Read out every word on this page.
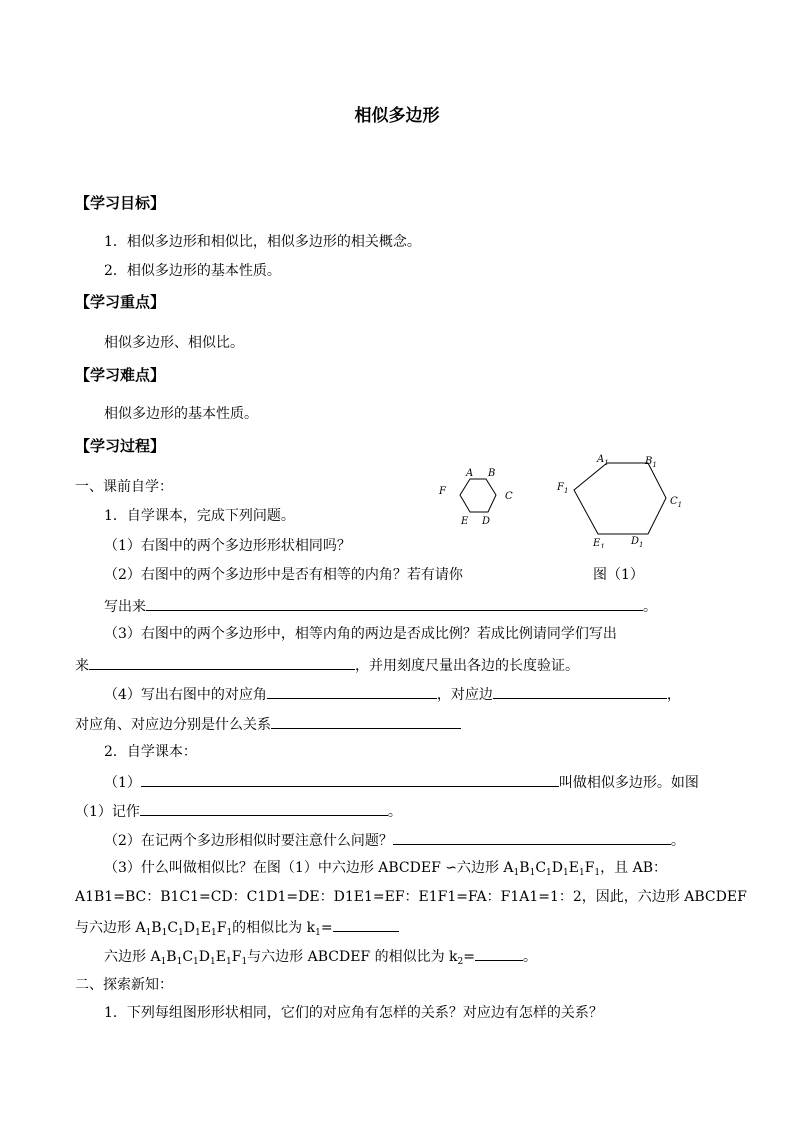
相似多边形
【学习目标】
1．相似多边形和相似比，相似多边形的相关概念。
2．相似多边形的基本性质。
【学习重点】
相似多边形、相似比。
【学习难点】
相似多边形的基本性质。
【学习过程】
一、课前自学：
1．自学课本，完成下列问题。
（1）右图中的两个多边形形状相同吗？
（2）右图中的两个多边形中是否有相等的内角？若有请你
写出来	。
（3）右图中的两个多边形中，相等内角的两边是否成比例？若成比例请同学们写出
来	，并用刻度尺量出各边的长度验证。
（4）写出右图中的对应角	，对应边	，
对应角、对应边分别是什么关系
2．自学课本：
（1）	叫做相似多边形。如图
（1）记作	。
（2）在记两个多边形相似时要注意什么问题？	。
（3）什么叫做相似比？在图（1）中六边形 ABCDEF ∽六边形 $A_1B_1C_1D_1E_1F_1$，且 AB：
A1B1=BC：B1C1=CD：C1D1=DE：D1E1=EF：E1F1=FA：F1A1=1：2，因此，六边形 ABCDEF
与六边形 $A_1B_1C_1D_1E_1F_1$的相似比为 $k_1=$
六边形 $A_1B_1C_1D_1E_1F_1$与六边形 ABCDEF 的相似比为 $k_2=$	。
二、探索新知：
1．下列每组图形形状相同，它们的对应角有怎样的关系？对应边有怎样的关系？
A B
C
D
E
F
$A_1$	$B_1$
$C_1$
$D_1$
$E_1$
$F_1$
图（1）
